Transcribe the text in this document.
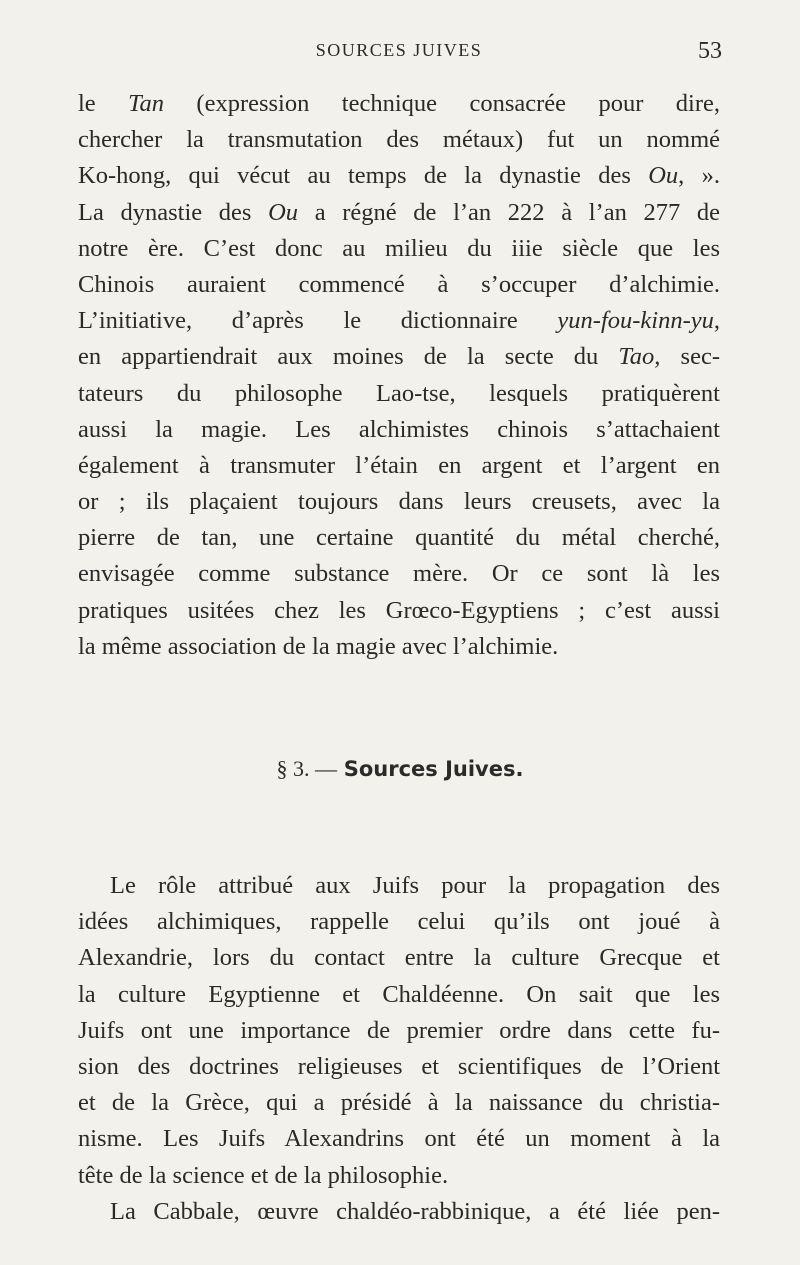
SOURCES JUIVES	53
le Tan (expression technique consacrée pour dire,
chercher la transmutation des métaux) fut un nommé
Ko-hong, qui vécut au temps de la dynastie des Ou, ».
La dynastie des Ou a régné de l’an 222 à l’an 277 de
notre ère. C’est donc au milieu du iiie siècle que les
Chinois auraient commencé à s’occuper d’alchimie.
L’initiative, d’après le dictionnaire yun-fou-kinn-yu,
en appartiendrait aux moines de la secte du Tao, sec-
tateurs du philosophe Lao-tse, lesquels pratiquèrent
aussi la magie. Les alchimistes chinois s’attachaient
également à transmuter l’étain en argent et l’argent en
or ; ils plaçaient toujours dans leurs creusets, avec la
pierre de tan, une certaine quantité du métal cherché,
envisagée comme substance mère. Or ce sont là les
pratiques usitées chez les Grœco-Egyptiens ; c’est aussi
la même association de la magie avec l’alchimie.
§ 3. — Sources Juives.
Le rôle attribué aux Juifs pour la propagation des
idées alchimiques, rappelle celui qu’ils ont joué à
Alexandrie, lors du contact entre la culture Grecque et
la culture Egyptienne et Chaldéenne. On sait que les
Juifs ont une importance de premier ordre dans cette fu-
sion des doctrines religieuses et scientifiques de l’Orient
et de la Grèce, qui a présidé à la naissance du christia-
nisme. Les Juifs Alexandrins ont été un moment à la
tête de la science et de la philosophie.
La Cabbale, œuvre chaldéo-rabbinique, a été liée pen-
